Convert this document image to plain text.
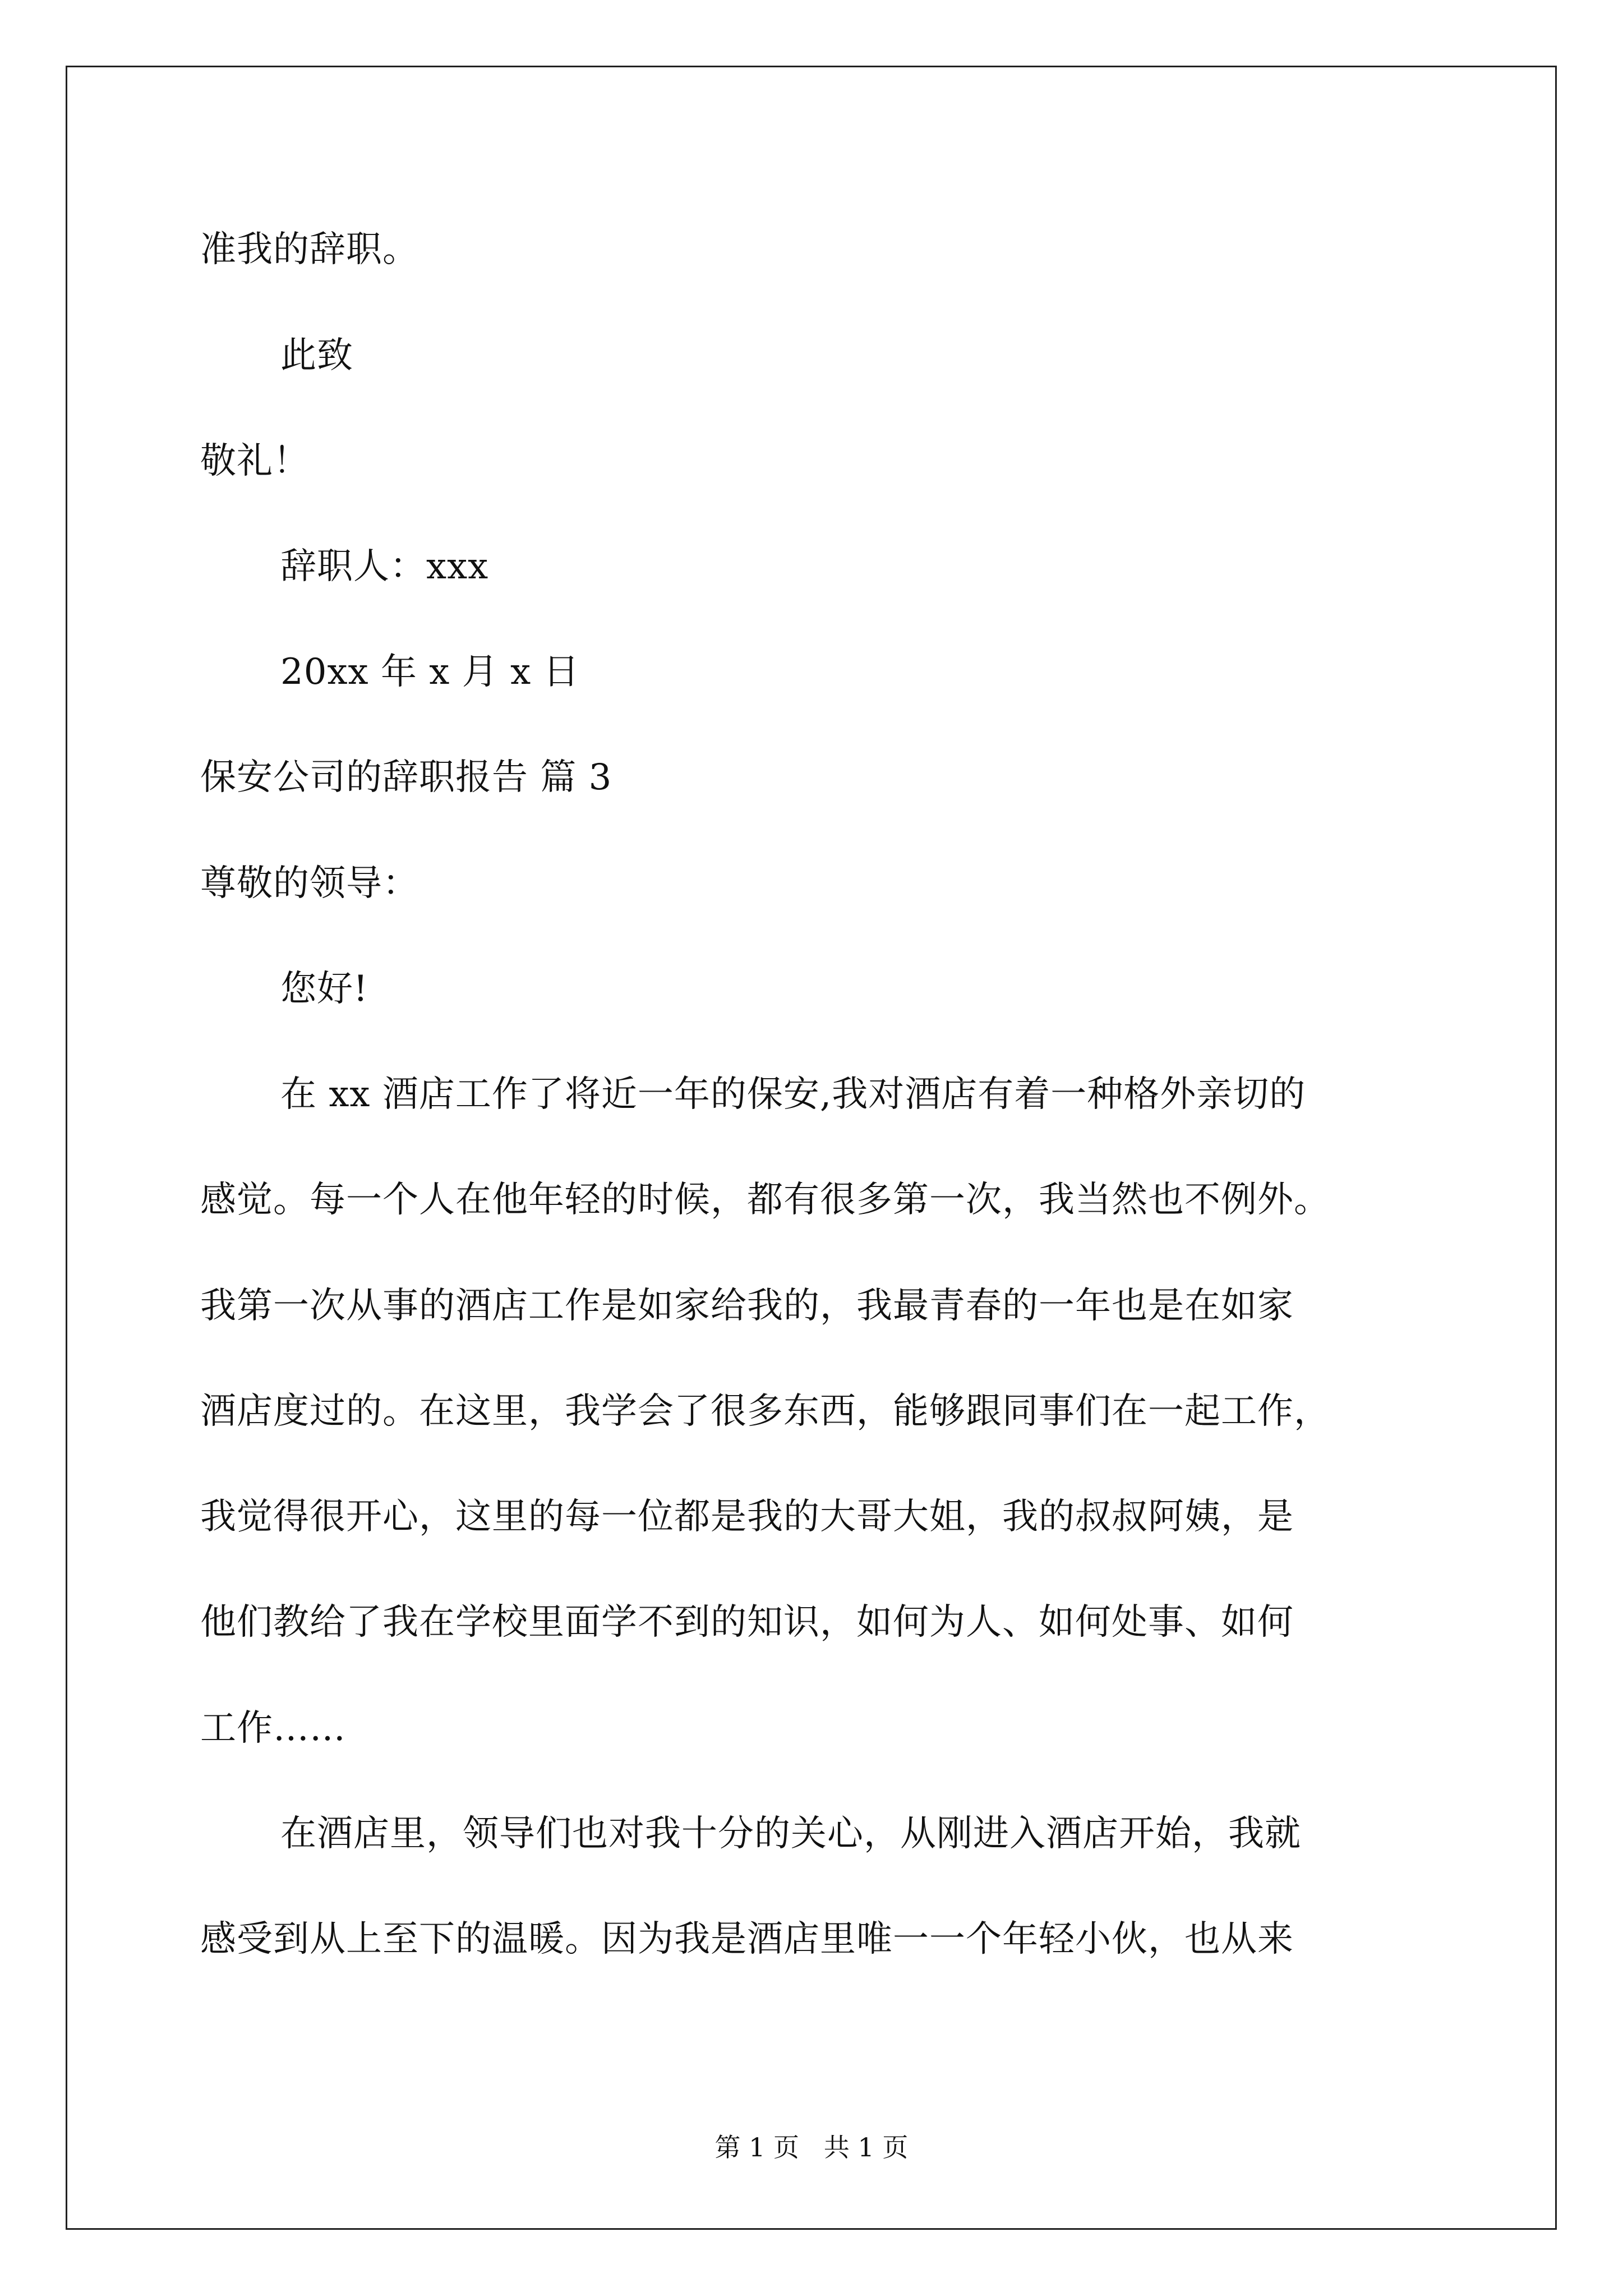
准我的辞职。
此致
敬礼！
辞职人：xxx
20xx 年 x 月 x 日
保安公司的辞职报告 篇 3
尊敬的领导：
您好!
在 xx 酒店工作了将近一年的保安,我对酒店有着一种格外亲切的
感觉。每一个人在他年轻的时候，都有很多第一次，我当然也不例外。
我第一次从事的酒店工作是如家给我的，我最青春的一年也是在如家
酒店度过的。在这里，我学会了很多东西，能够跟同事们在一起工作，
我觉得很开心，这里的每一位都是我的大哥大姐，我的叔叔阿姨，是
他们教给了我在学校里面学不到的知识，如何为人、如何处事、如何
工作……
在酒店里，领导们也对我十分的关心，从刚进入酒店开始，我就
感受到从上至下的温暖。因为我是酒店里唯一一个年轻小伙，也从来
第 1 页   共 1 页
